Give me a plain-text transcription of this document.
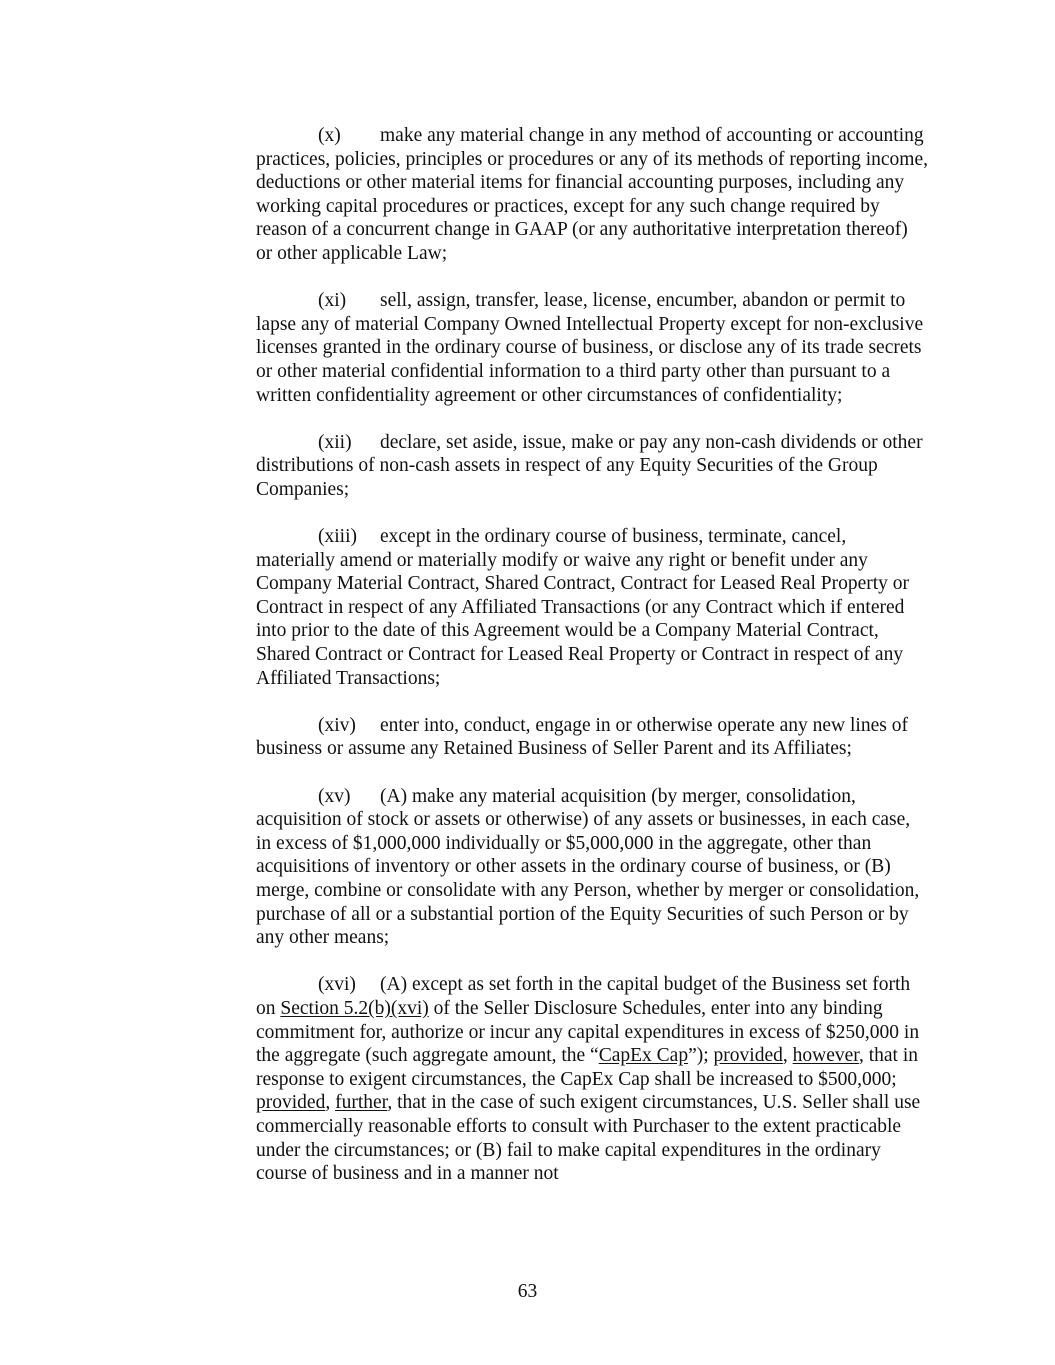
(x) make any material change in any method of accounting or accounting practices, policies, principles or procedures or any of its methods of reporting income, deductions or other material items for financial accounting purposes, including any working capital procedures or practices, except for any such change required by reason of a concurrent change in GAAP (or any authoritative interpretation thereof) or other applicable Law;

(xi) sell, assign, transfer, lease, license, encumber, abandon or permit to lapse any of material Company Owned Intellectual Property except for non-exclusive licenses granted in the ordinary course of business, or disclose any of its trade secrets or other material confidential information to a third party other than pursuant to a written confidentiality agreement or other circumstances of confidentiality;

(xii) declare, set aside, issue, make or pay any non-cash dividends or other distributions of non-cash assets in respect of any Equity Securities of the Group Companies;

(xiii) except in the ordinary course of business, terminate, cancel, materially amend or materially modify or waive any right or benefit under any Company Material Contract, Shared Contract, Contract for Leased Real Property or Contract in respect of any Affiliated Transactions (or any Contract which if entered into prior to the date of this Agreement would be a Company Material Contract, Shared Contract or Contract for Leased Real Property or Contract in respect of any Affiliated Transactions;

(xiv) enter into, conduct, engage in or otherwise operate any new lines of business or assume any Retained Business of Seller Parent and its Affiliates;

(xv) (A) make any material acquisition (by merger, consolidation, acquisition of stock or assets or otherwise) of any assets or businesses, in each case, in excess of $1,000,000 individually or $5,000,000 in the aggregate, other than acquisitions of inventory or other assets in the ordinary course of business, or (B) merge, combine or consolidate with any Person, whether by merger or consolidation, purchase of all or a substantial portion of the Equity Securities of such Person or by any other means;

(xvi) (A) except as set forth in the capital budget of the Business set forth on Section 5.2(b)(xvi) of the Seller Disclosure Schedules, enter into any binding commitment for, authorize or incur any capital expenditures in excess of $250,000 in the aggregate (such aggregate amount, the “CapEx Cap”); provided, however, that in response to exigent circumstances, the CapEx Cap shall be increased to $500,000; provided, further, that in the case of such exigent circumstances, U.S. Seller shall use commercially reasonable efforts to consult with Purchaser to the extent practicable under the circumstances; or (B) fail to make capital expenditures in the ordinary course of business and in a manner not

63
